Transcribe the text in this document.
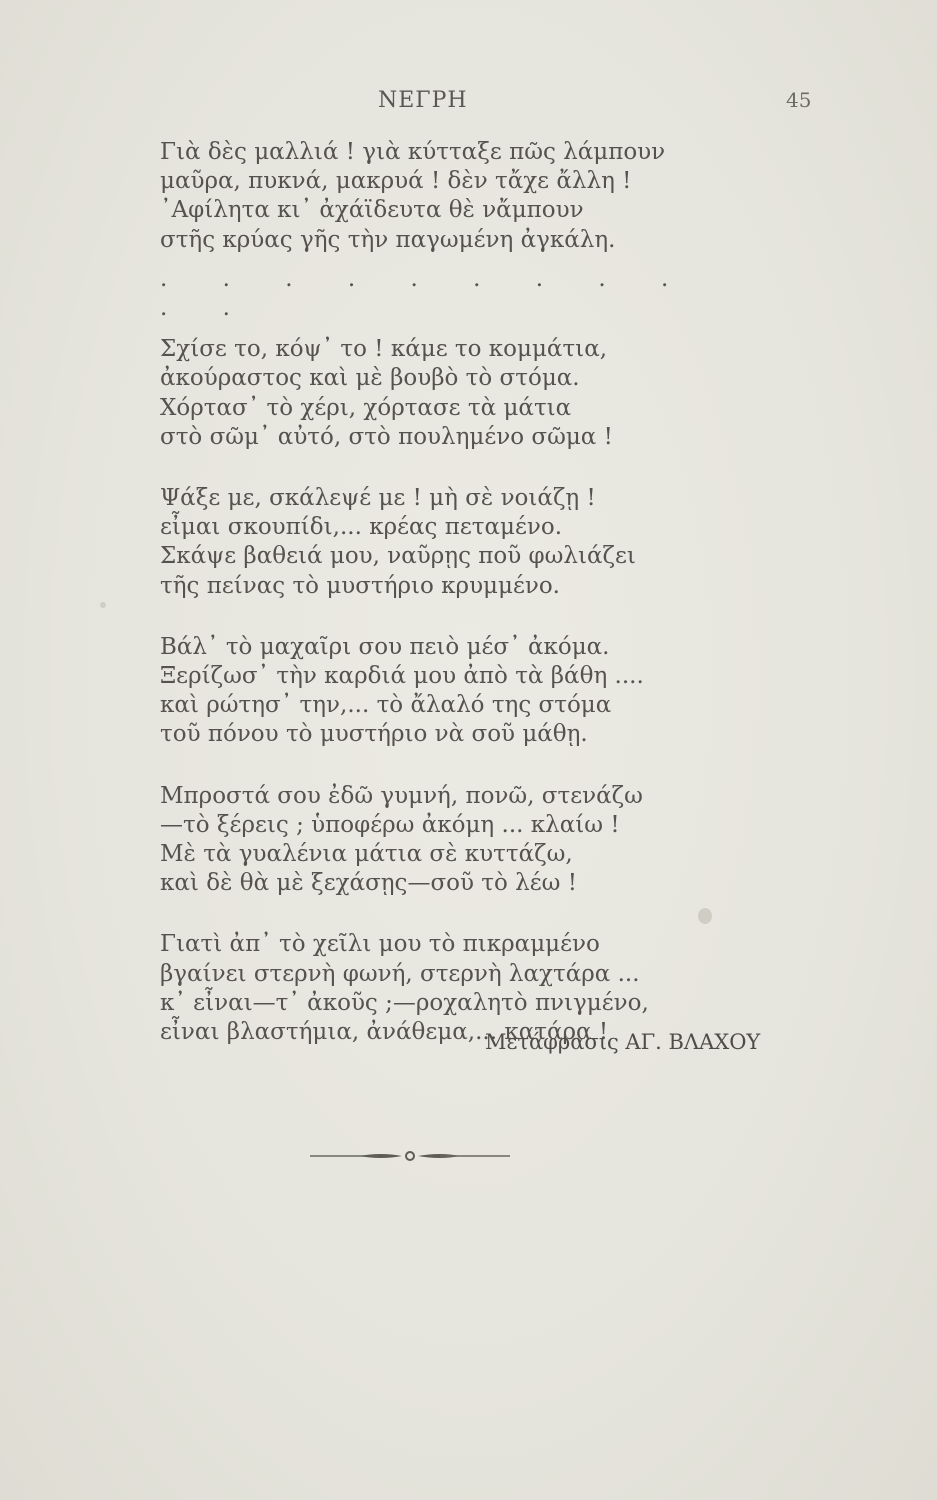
ΝΕΓΡΗ	45
Γιὰ δὲς μαλλιά ! γιὰ κύτταξε πῶς λάμπουν
μαῦρα, πυκνά, μακρυά ! δὲν τἄχε ἄλλη !
᾿Αφίλητα κι᾿ ἀχάϊδευτα θὲ νἄμπουν
στῆς κρύας γῆς τὴν παγωμένη ἀγκάλη.
. . . . . . . . . . .
Σχίσε το, κόψ᾿ το ! κάμε το κομμάτια,
ἀκούραστος καὶ μὲ βουβὸ τὸ στόμα.
Χόρτασ᾿ τὸ χέρι, χόρτασε τὰ μάτια
στὸ σῶμ᾿ αὐτό, στὸ πουλημένο σῶμα !
Ψάξε με, σκάλεψέ με ! μὴ σὲ νοιάζῃ !
εἶμαι σκουπίδι,... κρέας πεταμένο.
Σκάψε βαθειά μου, ναῦρῃς ποῦ φωλιάζει
τῆς πείνας τὸ μυστήριο κρυμμένο.
Βάλ᾿ τὸ μαχαῖρι σου πειὸ μέσ᾿ ἀκόμα.
Ξερίζωσ᾿ τὴν καρδιά μου ἀπὸ τὰ βάθη ....
καὶ ρώτησ᾿ την,... τὸ ἄλαλό της στόμα
τοῦ πόνου τὸ μυστήριο νὰ σοῦ μάθῃ.
Μπροστά σου ἐδῶ γυμνή, πονῶ, στενάζω
—τὸ ξέρεις ; ὑποφέρω ἀκόμη ... κλαίω !
Μὲ τὰ γυαλένια μάτια σὲ κυττάζω,
καὶ δὲ θὰ μὲ ξεχάσῃς—σοῦ τὸ λέω !
Γιατὶ ἀπ᾿ τὸ χεῖλι μου τὸ πικραμμένο
βγαίνει στερνὴ φωνή, στερνὴ λαχτάρα ...
κ᾿ εἶναι—τ᾿ ἀκοῦς ;—ροχαλητὸ πνιγμένο,
εἶναι βλαστήμια, ἀνάθεμα,... κατάρα !
Μετάφρασις ΑΓ. ΒΛΑΧΟΥ
